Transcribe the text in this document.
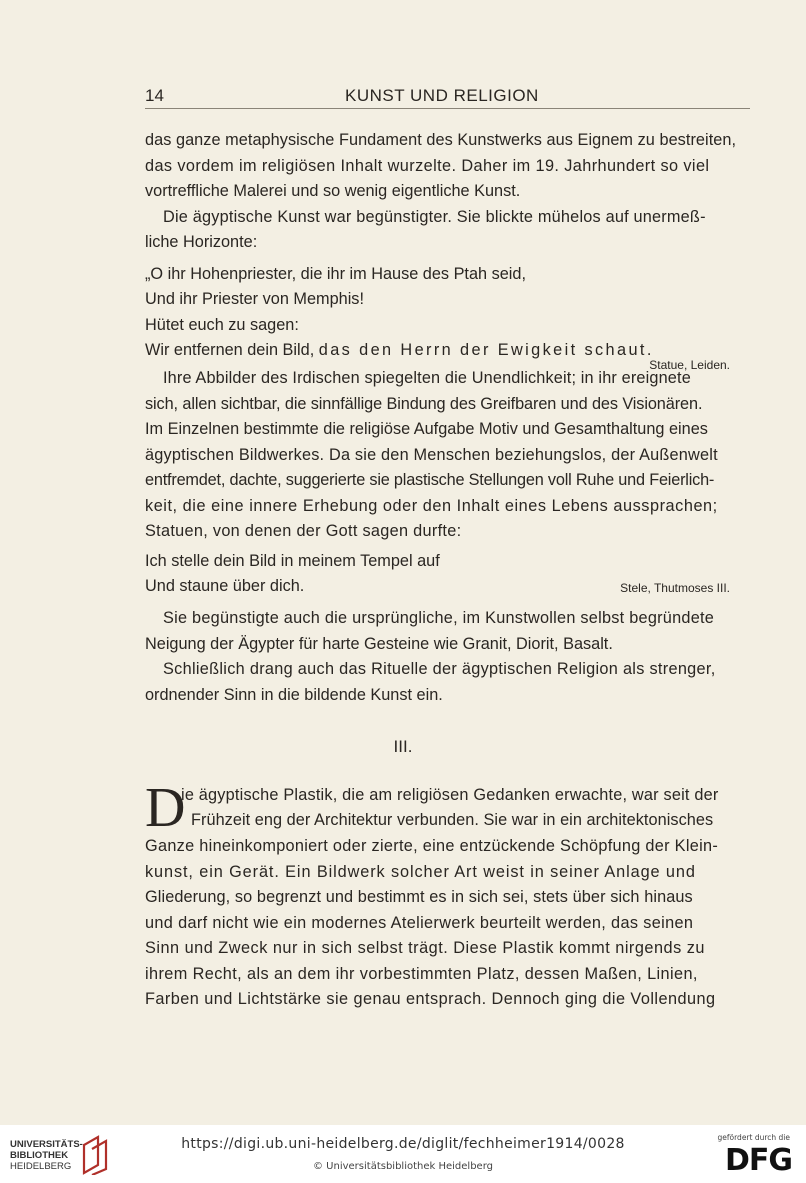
14	KUNST UND RELIGION

das ganze metaphysische Fundament des Kunstwerks aus Eignem zu bestreiten,
das vordem im religiösen Inhalt wurzelte. Daher im 19. Jahrhundert so viel
vortreffliche Malerei und so wenig eigentliche Kunst.

Die ägyptische Kunst war begünstigter. Sie blickte mühelos auf unermeß-
liche Horizonte:

„O ihr Hohenpriester, die ihr im Hause des Ptah seid,
Und ihr Priester von Memphis!
Hütet euch zu sagen:
Wir entfernen dein Bild, das den Herrn der Ewigkeit schaut.
Statue, Leiden.

Ihre Abbilder des Irdischen spiegelten die Unendlichkeit; in ihr ereignete
sich, allen sichtbar, die sinnfällige Bindung des Greifbaren und des Visionären.
Im Einzelnen bestimmte die religiöse Aufgabe Motiv und Gesamthaltung eines
ägyptischen Bildwerkes. Da sie den Menschen beziehungslos, der Außenwelt
entfremdet, dachte, suggerierte sie plastische Stellungen voll Ruhe und Feierlich-
keit, die eine innere Erhebung oder den Inhalt eines Lebens aussprachen;
Statuen, von denen der Gott sagen durfte:

Ich stelle dein Bild in meinem Tempel auf
Und staune über dich.	Stele, Thutmoses III.

Sie begünstigte auch die ursprüngliche, im Kunstwollen selbst begründete
Neigung der Ägypter für harte Gesteine wie Granit, Diorit, Basalt.

Schließlich drang auch das Rituelle der ägyptischen Religion als strenger,
ordnender Sinn in die bildende Kunst ein.

III.
D
ie ägyptische Plastik, die am religiösen Gedanken erwachte, war seit der
Frühzeit eng der Architektur verbunden. Sie war in ein architektonisches

Ganze hineinkomponiert oder zierte, eine entzückende Schöpfung der Klein-
kunst, ein Gerät. Ein Bildwerk solcher Art weist in seiner Anlage und
Gliederung, so begrenzt und bestimmt es in sich sei, stets über sich hinaus
und darf nicht wie ein modernes Atelierwerk beurteilt werden, das seinen
Sinn und Zweck nur in sich selbst trägt. Diese Plastik kommt nirgends zu
ihrem Recht, als an dem ihr vorbestimmten Platz, dessen Maßen, Linien,
Farben und Lichtstärke sie genau entsprach. Dennoch ging die Vollendung

UNIVERSITÄTS-
BIBLIOTHEK
HEIDELBERG
https://digi.ub.uni-heidelberg.de/diglit/fechheimer1914/0028
© Universitätsbibliothek Heidelberg
gefördert durch die
DFG
